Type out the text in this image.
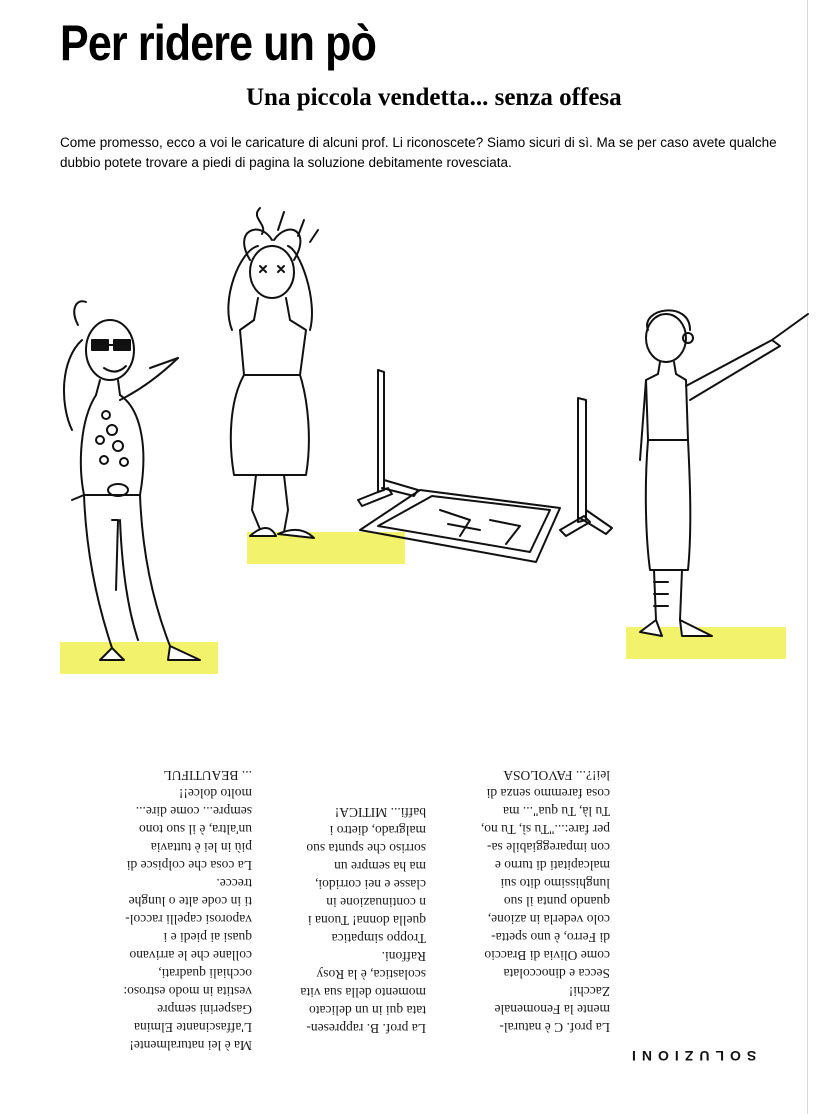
Per ridere un pò
Una piccola vendetta... senza offesa

Come promesso, ecco a voi le caricature di alcuni prof. Li riconoscete? Siamo sicuri di sì. Ma se per caso avete qualche dubbio potete trovare a piedi di pagina la soluzione debitamente rovesciata.

SOLUZIONI

La prof. C è natural-
mente la Fenomenale
Zacchi!
Secca e dinoccolata
come Olivia di Braccio
di Ferro, è uno spetta-
colo vederla in azione,
quando punta il suo
lunghissimo dito sui
malcapitati di turno e
con impareggiabile sa-
per fare:..."Tu sì, Tu no,
Tu là, Tu qua"... ma
cosa faremmo senza di
lei!?... FAVOLOSA
La prof. B. rappresen-
tata qui in un delicato
momento della sua vita
scolastica, è la Rosy
Raffoni.
Troppo simpatica
quella donna! Tuona i
n continuazione in
classe e nei corridoi,
ma ha sempre un
sorriso che spunta suo
malgrado, dietro i
baffi... MITICA!
Ma è lei naturalmente!
L'affascinante Elmina
Gasperini sempre
vestita in modo estroso:
occhiali quadrati,
collane che le arrivano
quasi ai piedi e i
vaporosi capelli raccol-
ti in code alte o lunghe
trecce.
La cosa che colpisce di
più in lei è tuttavia
un'altra, è il suo tono
sempre... come dire...
molto dolce!!
... BEAUTIFUL
